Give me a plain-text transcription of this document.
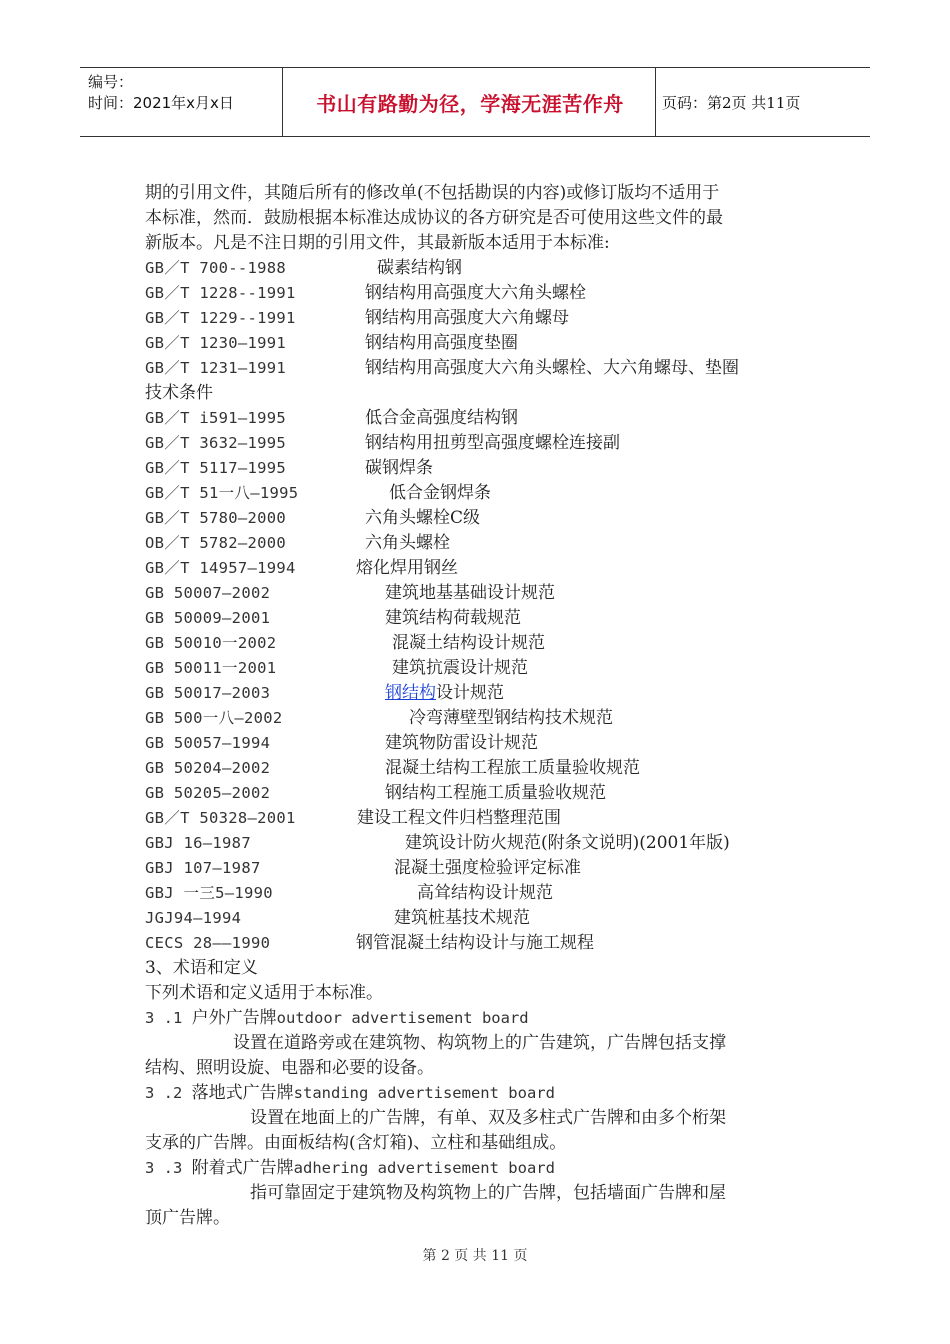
编号：
时间：2021年x月x日	书山有路勤为径，学海无涯苦作舟	页码：第2页 共11页
期的引用文件，其随后所有的修改单(不包括勘误的内容)或修订版均不适用于
本标准，然而．鼓励根据本标准达成协议的各方研究是否可使用这些文件的最
新版本。凡是不注日期的引用文件，其最新版本适用于本标准:
GB／T 700--1988	碳素结构钢
GB／T 1228--1991	钢结构用高强度大六角头螺栓
GB／T 1229--1991	钢结构用高强度大六角螺母
GB／T 1230—1991	钢结构用高强度垫圈
GB／T 1231—1991	钢结构用高强度大六角头螺栓、大六角螺母、垫圈
技术条件
GB／T i591—1995	低合金高强度结构钢
GB／T 3632—1995	钢结构用扭剪型高强度螺栓连接副
GB／T 5117—1995	碳钢焊条
GB／T 51一八—1995	低合金钢焊条
GB／T 5780—2000	六角头螺栓C级
OB／T 5782—2000	六角头螺栓
GB／T 14957—1994	熔化焊用钢丝
GB 50007—2002	建筑地基基础设计规范
GB 50009—2001	建筑结构荷载规范
GB 50010一2002	混凝土结构设计规范
GB 50011一2001	建筑抗震设计规范
GB 50017—2003	钢结构设计规范
GB 500一八—2002	冷弯薄壁型钢结构技术规范
GB 50057—1994	建筑物防雷设计规范
GB 50204—2002	混凝土结构工程旅工质量验收规范
GB 50205—2002	钢结构工程施工质量验收规范
GB／T 50328—2001	建设工程文件归档整理范围
GBJ 16—1987	建筑设计防火规范(附条文说明)(2001年版)
GBJ 107—1987	混凝土强度检验评定标准
GBJ 一三5—1990	高耸结构设计规范
JGJ94—1994	建筑桩基技术规范
CECS 28——1990	钢管混凝土结构设计与施工规程
3、术语和定义
下列术语和定义适用于本标准。
3 .1 户外广告牌outdoor advertisement board
设置在道路旁或在建筑物、构筑物上的广告建筑，广告牌包括支撑
结构、照明设旋、电器和必要的设备。
3 .2 落地式广告牌standing advertisement board
设置在地面上的广告牌，有单、双及多柱式广告牌和由多个桁架
支承的广告牌。由面板结构(含灯箱)、立柱和基础组成。
3 .3 附着式广告牌adhering advertisement board
指可靠固定于建筑物及构筑物上的广告牌，包括墙面广告牌和屋
顶广告牌。
第 2 页 共 11 页
